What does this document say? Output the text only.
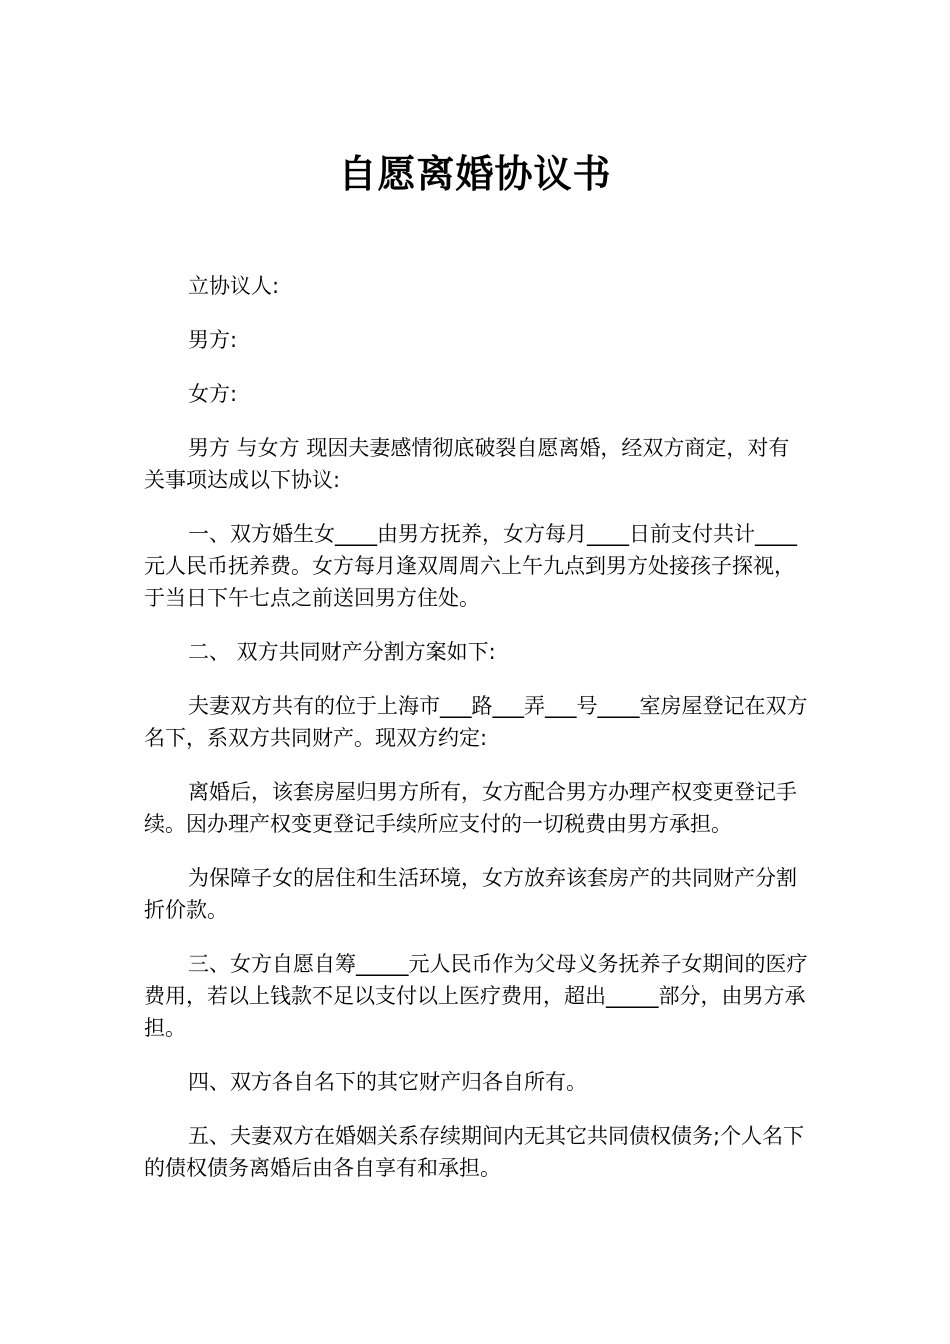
自愿离婚协议书

立协议人:

男方:

女方:

男方 与女方 现因夫妻感情彻底破裂自愿离婚，经双方商定，对有关事项达成以下协议:

一、双方婚生女____由男方抚养，女方每月____日前支付共计____元人民币抚养费。女方每月逢双周周六上午九点到男方处接孩子探视，于当日下午七点之前送回男方住处。

二、 双方共同财产分割方案如下:

夫妻双方共有的位于上海市___路___弄___号____室房屋登记在双方名下，系双方共同财产。现双方约定:

离婚后，该套房屋归男方所有，女方配合男方办理产权变更登记手续。因办理产权变更登记手续所应支付的一切税费由男方承担。

为保障子女的居住和生活环境，女方放弃该套房产的共同财产分割折价款。

三、女方自愿自筹_____元人民币作为父母义务抚养子女期间的医疗费用，若以上钱款不足以支付以上医疗费用，超出_____部分，由男方承担。

四、双方各自名下的其它财产归各自所有。

五、夫妻双方在婚姻关系存续期间内无其它共同债权债务;个人名下的债权债务离婚后由各自享有和承担。
